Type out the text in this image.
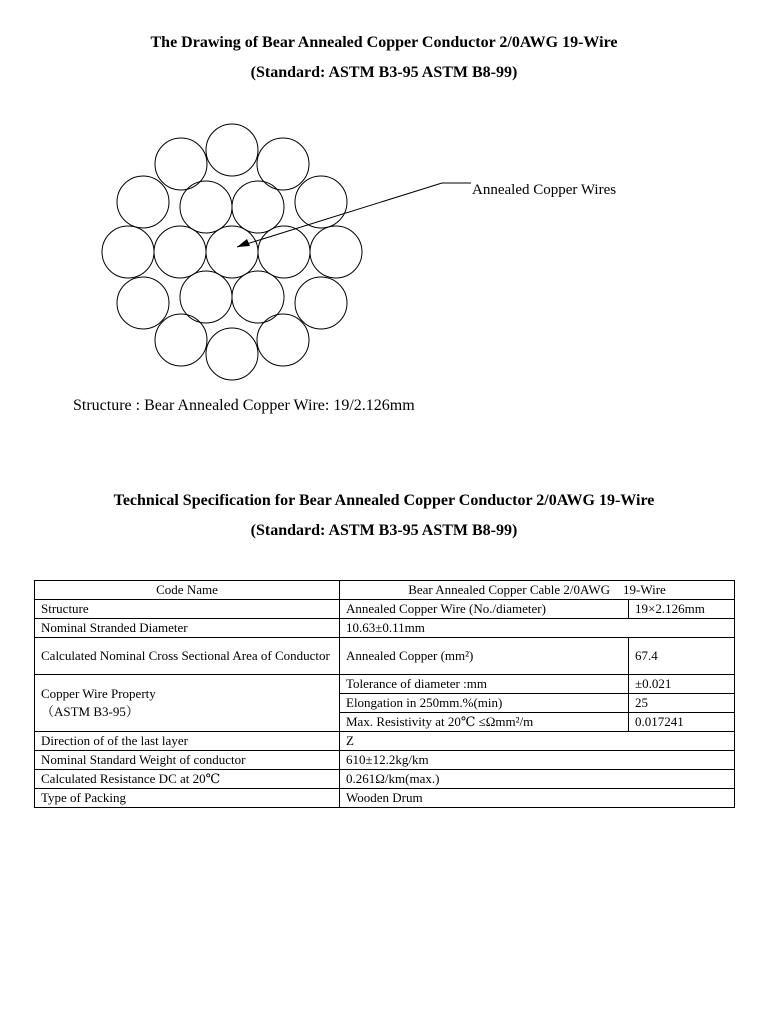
The Drawing of Bear Annealed Copper Conductor 2/0AWG 19-Wire
(Standard: ASTM B3-95 ASTM B8-99)
Annealed Copper Wires

Structure : Bear Annealed Copper Wire: 19/2.126mm

Technical Specification for Bear Annealed Copper Conductor 2/0AWG 19-Wire
(Standard: ASTM B3-95 ASTM B8-99)
Code Name	Bear Annealed Copper Cable 2/0AWG    19-Wire	
Structure	Annealed Copper Wire (No./diameter)	19×2.126mm
Nominal Stranded Diameter	10.63±0.11mm	
Calculated Nominal Cross Sectional Area of Conductor	Annealed Copper (mm²)	67.4

Copper Wire Property
（ASTM B3-95）	Tolerance of diameter :mm	±0.021
	Elongation in 250mm.%(min)	25
	Max. Resistivity at 20℃ ≤Ωmm²/m	0.017241
Direction of of the last layer	Z	
Nominal Standard Weight of conductor	610±12.2kg/km	
Calculated Resistance DC at 20℃	0.261Ω/km(max.)	
Type of Packing	Wooden Drum	
